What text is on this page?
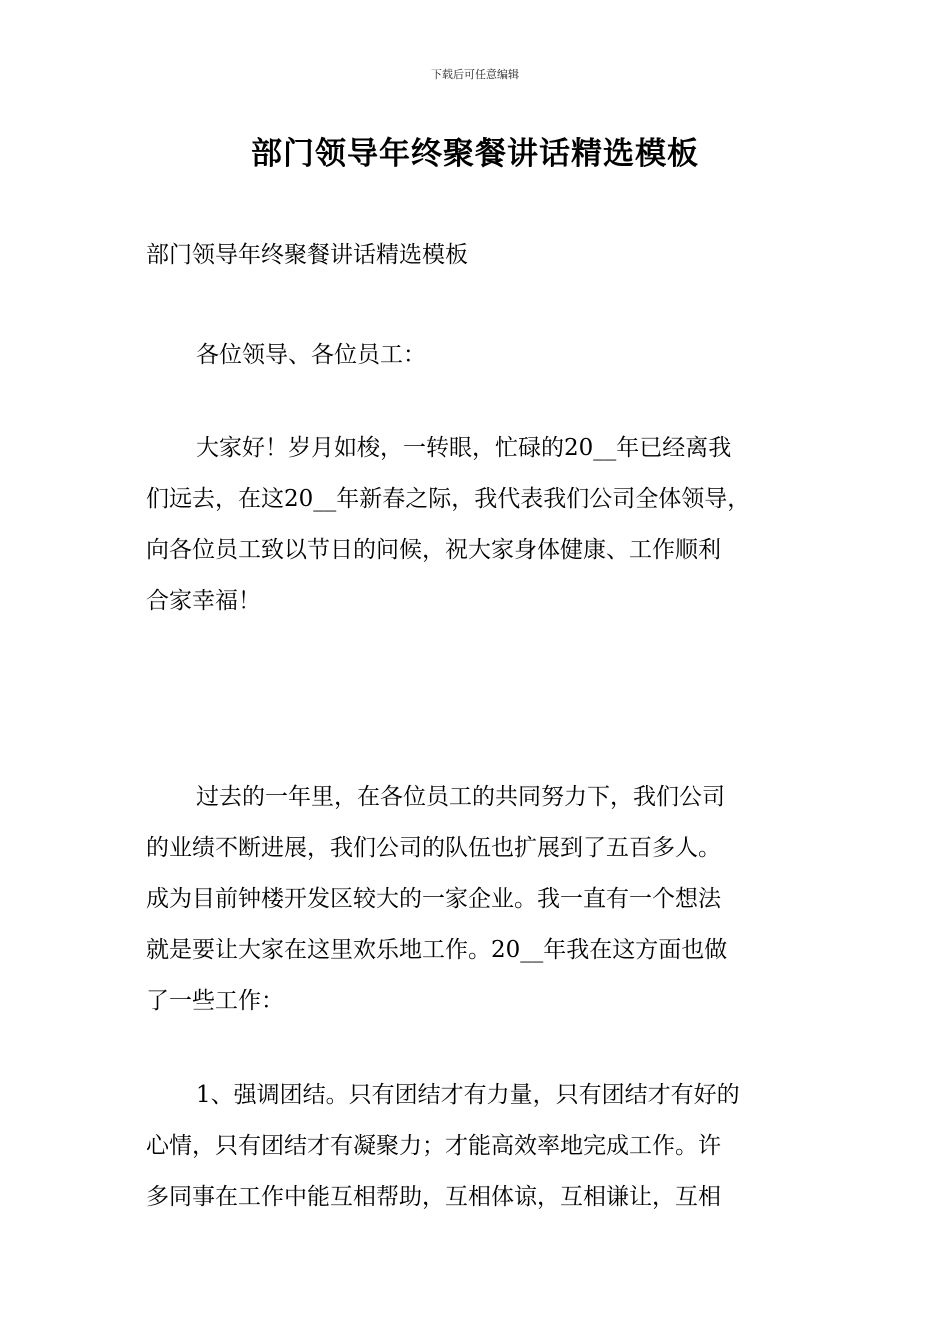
下载后可任意编辑
部门领导年终聚餐讲话精选模板
部门领导年终聚餐讲话精选模板
各位领导、各位员工：
大家好！岁月如梭，一转眼，忙碌的20__年已经离我
们远去，在这20__年新春之际，我代表我们公司全体领导，
向各位员工致以节日的问候，祝大家身体健康、工作顺利
合家幸福！
过去的一年里，在各位员工的共同努力下，我们公司
的业绩不断进展，我们公司的队伍也扩展到了五百多人。
成为目前钟楼开发区较大的一家企业。我一直有一个想法
就是要让大家在这里欢乐地工作。20__年我在这方面也做
了一些工作：
1、强调团结。只有团结才有力量，只有团结才有好的
心情，只有团结才有凝聚力；才能高效率地完成工作。许
多同事在工作中能互相帮助，互相体谅，互相谦让，互相
